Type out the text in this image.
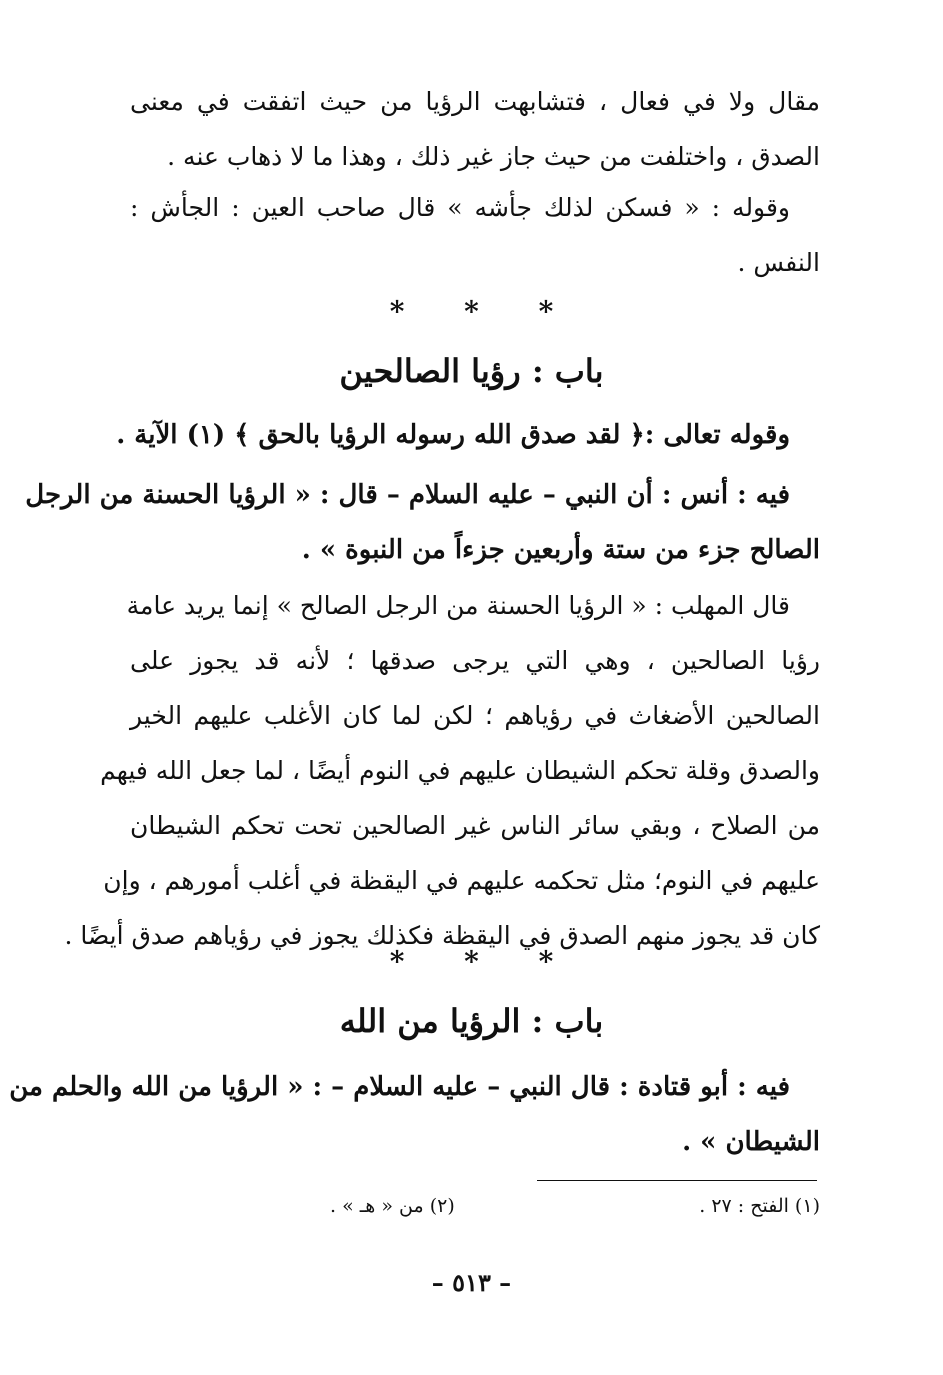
مقال ولا في فعال ، فتشابهت الرؤيا من حيث اتفقت في معنى
الصدق ، واختلفت من حيث جاز غير ذلك ، وهذا ما لا ذهاب عنه .
وقوله : « فسكن لذلك جأشه » قال صاحب العين : الجأش :
النفس .
* * *
باب : رؤيا الصالحين
وقوله تعالى :﴿ لقد صدق الله رسوله الرؤيا بالحق ﴾ (١) الآية .
فيه : أنس : أن النبي – عليه السلام – قال : « الرؤيا الحسنة من الرجل
الصالح جزء من ستة وأربعين جزءاً من النبوة » .
قال المهلب : « الرؤيا الحسنة من الرجل الصالح » إنما يريد عامة
رؤيا الصالحين ، وهي التي يرجى صدقها ؛ لأنه قد يجوز على
الصالحين الأضغاث في رؤياهم ؛ لكن لما كان الأغلب عليهم الخير
والصدق وقلة تحكم الشيطان عليهم في النوم أيضًا ، لما جعل الله فيهم
من الصلاح ، وبقي سائر الناس غير الصالحين تحت تحكم الشيطان
عليهم في النوم؛ مثل تحكمه عليهم في اليقظة في أغلب أمورهم ، وإن
كان قد يجوز منهم الصدق في اليقظة فكذلك يجوز في رؤياهم صدق أيضًا .
* * *
باب : الرؤيا من الله
فيه : أبو قتادة : قال النبي – عليه السلام – : « الرؤيا من الله والحلم من
الشيطان » .
(١) الفتح : ٢٧ .
(٢) من « هـ » .
– ٥١٣ –
